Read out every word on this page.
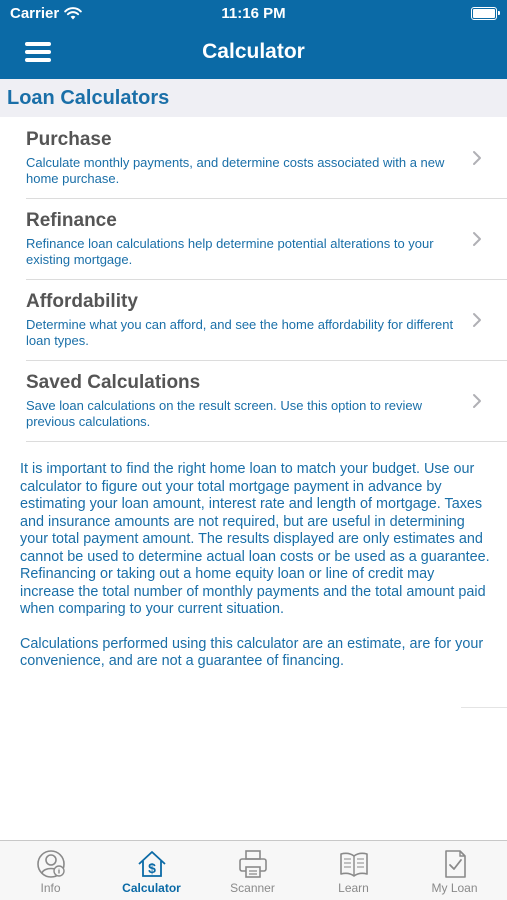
Carrier	11:16 PM
Calculator
Loan Calculators
Purchase
Calculate monthly payments, and determine costs associated with a new home purchase.
Refinance
Refinance loan calculations help determine potential alterations to your existing mortgage.
Affordability
Determine what you can afford, and see the home affordability for different loan types.
Saved Calculations
Save loan calculations on the result screen. Use this option to review previous calculations.

It is important to find the right home loan to match your budget. Use our calculator to figure out your total mortgage payment in advance by estimating your loan amount, interest rate and length of mortgage. Taxes and insurance amounts are not required, but are useful in determining your total payment amount. The results displayed are only estimates and cannot be used to determine actual loan costs or be used as a guarantee. Refinancing or taking out a home equity loan or line of credit may increase the total number of monthly payments and the total amount paid when comparing to your current situation.

Calculations performed using this calculator are an estimate, are for your convenience, and are not a guarantee of financing.

Info
$
Calculator	Scanner	Learn	My Loan
